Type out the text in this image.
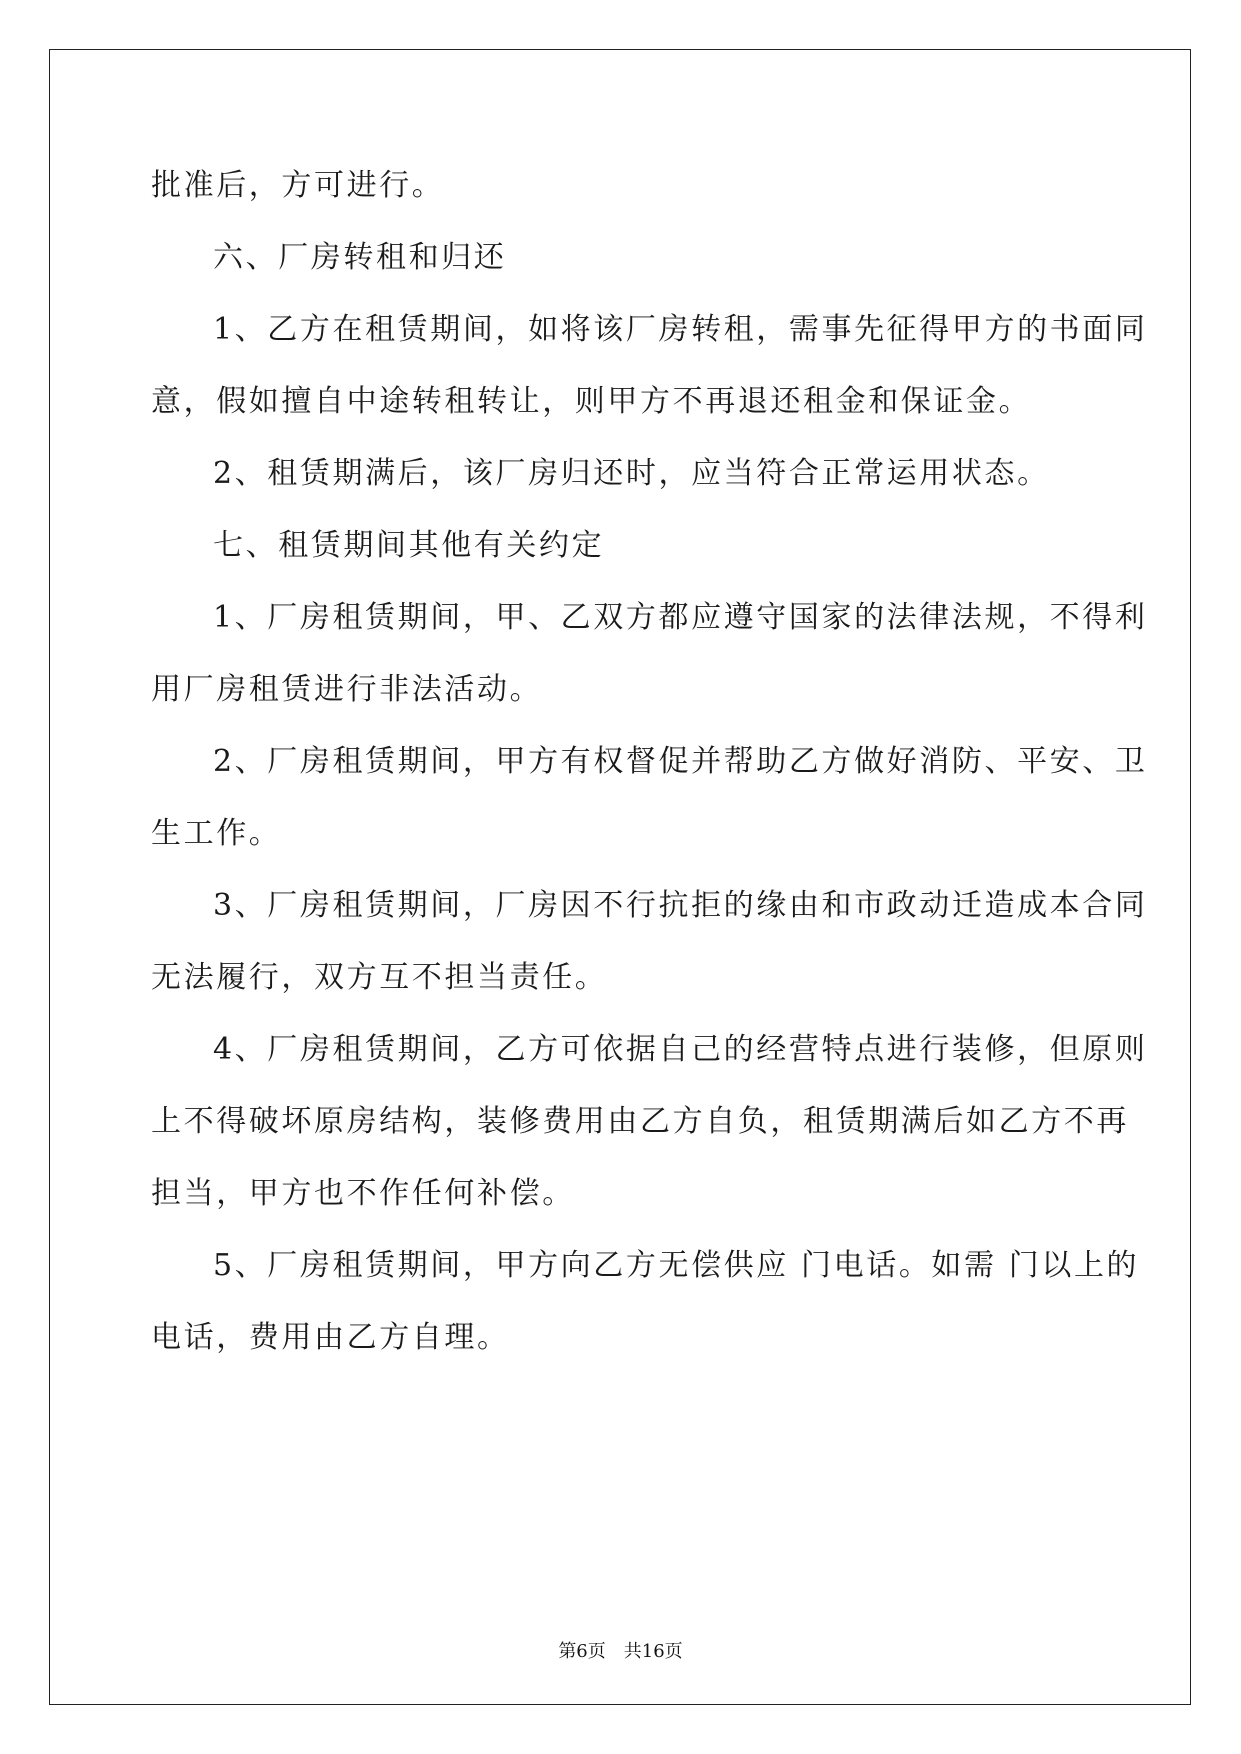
批准后，方可进行。
六、厂房转租和归还
1、乙方在租赁期间，如将该厂房转租，需事先征得甲方的书面同
意，假如擅自中途转租转让，则甲方不再退还租金和保证金。
2、租赁期满后，该厂房归还时，应当符合正常运用状态。
七、租赁期间其他有关约定
1、厂房租赁期间，甲、乙双方都应遵守国家的法律法规，不得利
用厂房租赁进行非法活动。
2、厂房租赁期间，甲方有权督促并帮助乙方做好消防、平安、卫
生工作。
3、厂房租赁期间，厂房因不行抗拒的缘由和市政动迁造成本合同
无法履行，双方互不担当责任。
4、厂房租赁期间，乙方可依据自己的经营特点进行装修，但原则
上不得破坏原房结构，装修费用由乙方自负，租赁期满后如乙方不再
担当，甲方也不作任何补偿。
5、厂房租赁期间，甲方向乙方无偿供应 门电话。如需 门以上的
电话，费用由乙方自理。
第6页　共16页
